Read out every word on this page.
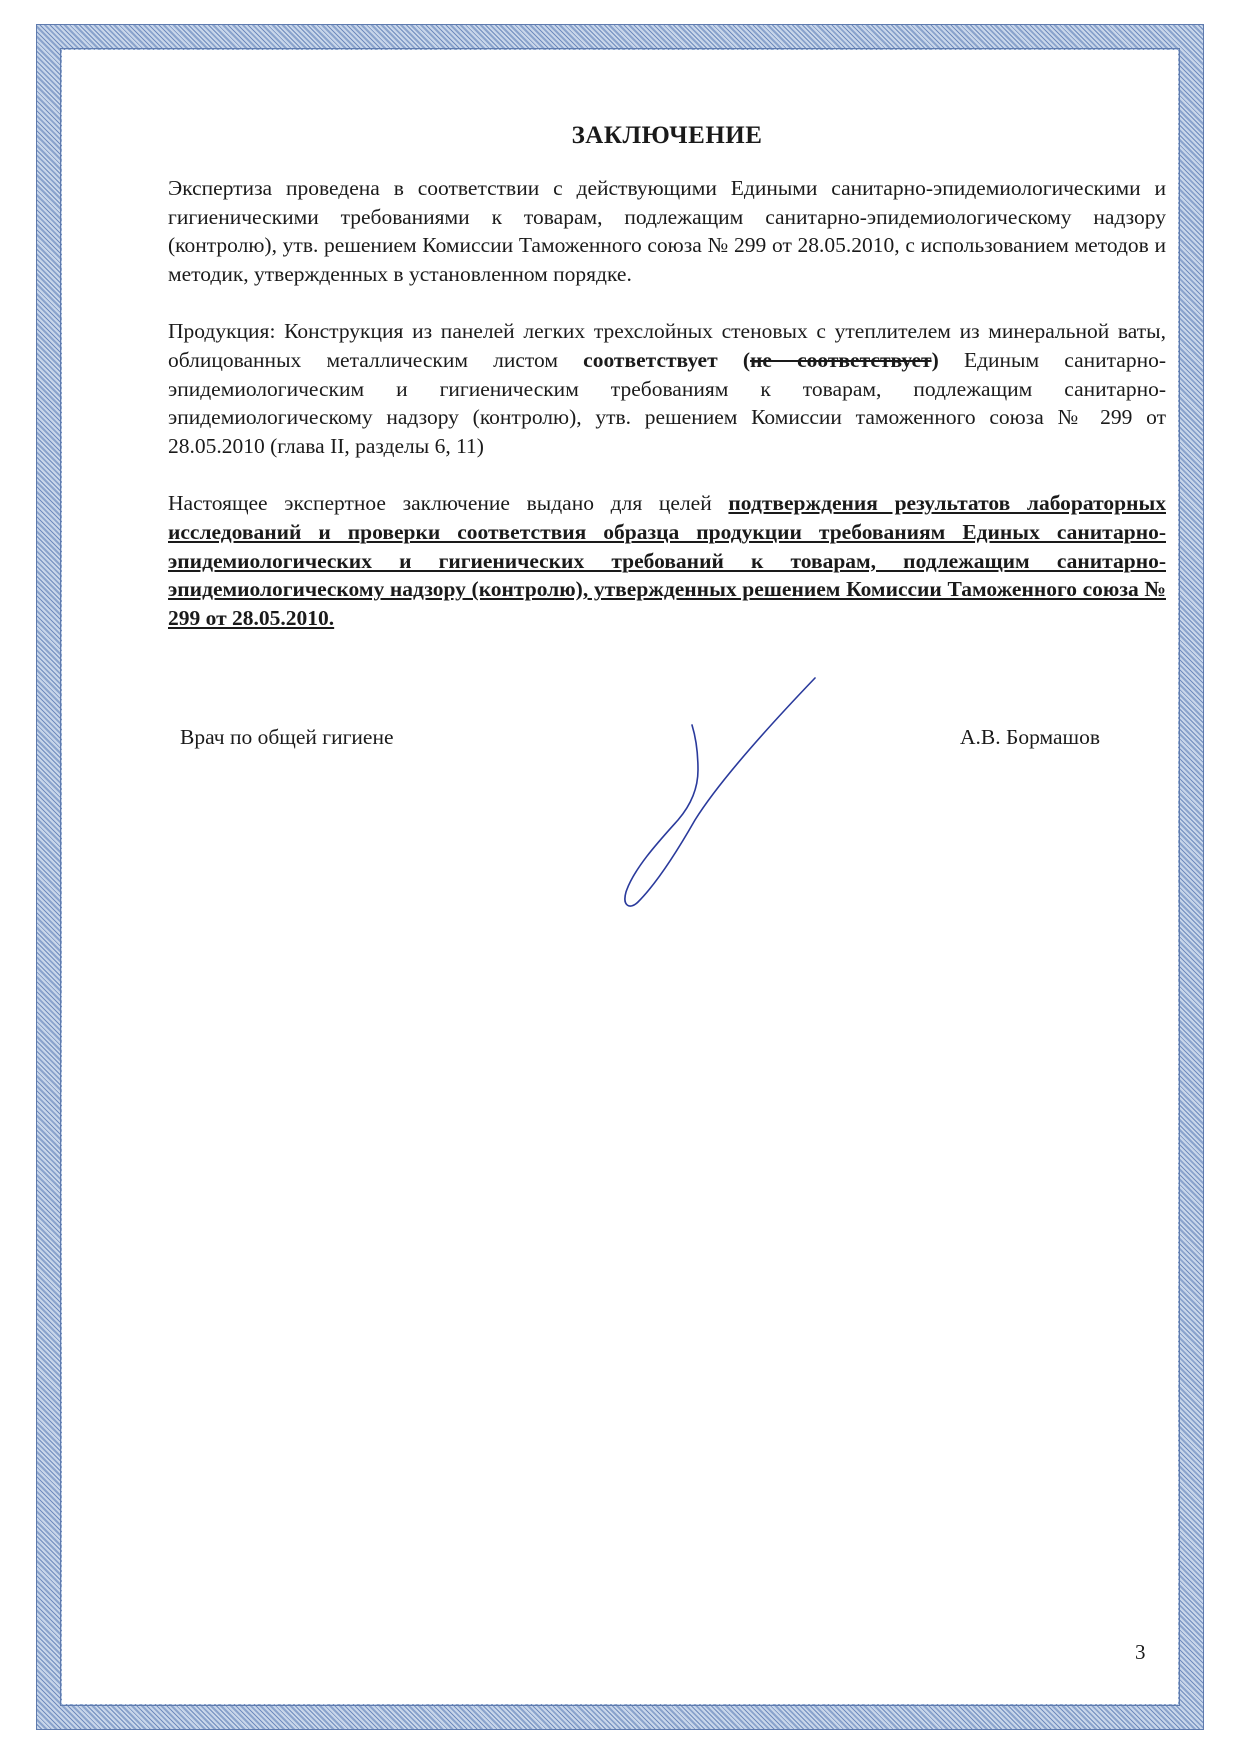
ЗАКЛЮЧЕНИЕ

Экспертиза проведена в соответствии с действующими Едиными санитарно-эпидемиологическими и гигиеническими требованиями к товарам, подлежащим санитарно-эпидемиологическому надзору (контролю), утв. решением Комиссии Таможенного союза № 299 от 28.05.2010, с использованием методов и методик, утвержденных в установленном порядке.

Продукция: Конструкция из панелей легких трехслойных стеновых с утеплителем из минеральной ваты, облицованных металлическим листом соответствует (не соответствует) Единым санитарно-эпидемиологическим и гигиеническим требованиям к товарам, подлежащим санитарно-эпидемиологическому надзору (контролю), утв. решением Комиссии таможенного союза № 299 от 28.05.2010 (глава II, разделы 6, 11)

Настоящее экспертное заключение выдано для целей подтверждения результатов лабораторных исследований и проверки соответствия образца продукции требованиям Единых санитарно-эпидемиологических и гигиенических требований к товарам, подлежащим санитарно-эпидемиологическому надзору (контролю), утвержденных решением Комиссии Таможенного союза № 299 от 28.05.2010.

Врач по общей гигиене	А.В. Бормашов
3
